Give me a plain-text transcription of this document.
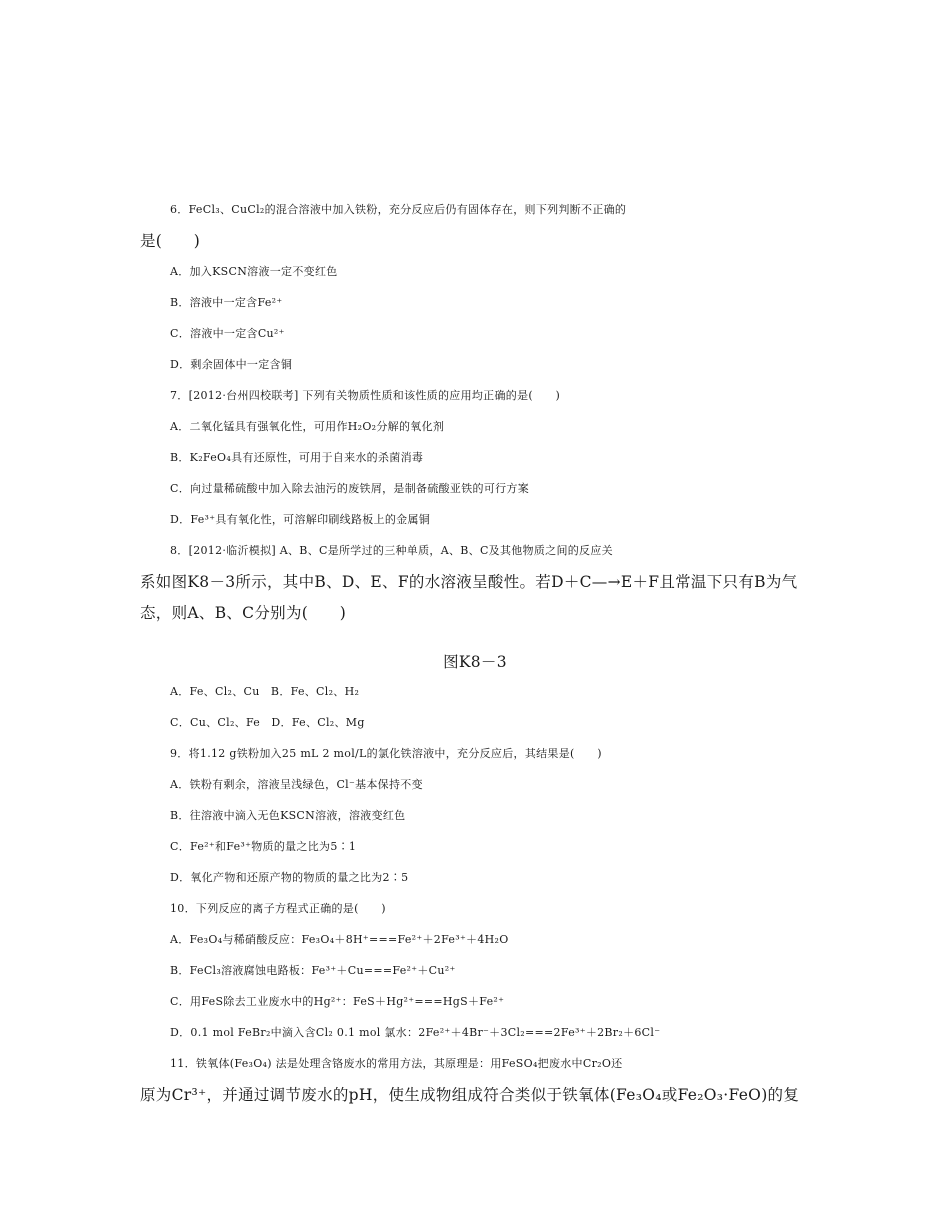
6．FeCl₃、CuCl₂的混合溶液中加入铁粉，充分反应后仍有固体存在，则下列判断不正确的
是(　　)
A．加入KSCN溶液一定不变红色
B．溶液中一定含Fe²⁺
C．溶液中一定含Cu²⁺
D．剩余固体中一定含铜
7．[2012·台州四校联考] 下列有关物质性质和该性质的应用均正确的是(　　)
A．二氧化锰具有强氧化性，可用作H₂O₂分解的氧化剂
B．K₂FeO₄具有还原性，可用于自来水的杀菌消毒
C．向过量稀硫酸中加入除去油污的废铁屑，是制备硫酸亚铁的可行方案
D．Fe³⁺具有氧化性，可溶解印刷线路板上的金属铜
8．[2012·临沂模拟] A、B、C是所学过的三种单质，A、B、C及其他物质之间的反应关
系如图K8－3所示，其中B、D、E、F的水溶液呈酸性。若D＋C—→E＋F且常温下只有B为气
态，则A、B、C分别为(　　)
图K8－3
A．Fe、Cl₂、Cu　B．Fe、Cl₂、H₂
C．Cu、Cl₂、Fe　D．Fe、Cl₂、Mg
9．将1.12 g铁粉加入25 mL 2 mol/L的氯化铁溶液中，充分反应后，其结果是(　　)
A．铁粉有剩余，溶液呈浅绿色，Cl⁻基本保持不变
B．往溶液中滴入无色KSCN溶液，溶液变红色
C．Fe²⁺和Fe³⁺物质的量之比为5∶1
D．氧化产物和还原产物的物质的量之比为2∶5
10．下列反应的离子方程式正确的是(　　)
A．Fe₃O₄与稀硝酸反应：Fe₃O₄＋8H⁺===Fe²⁺＋2Fe³⁺＋4H₂O
B．FeCl₃溶液腐蚀电路板：Fe³⁺＋Cu===Fe²⁺＋Cu²⁺
C．用FeS除去工业废水中的Hg²⁺：FeS＋Hg²⁺===HgS＋Fe²⁺
D．0.1 mol FeBr₂中滴入含Cl₂ 0.1 mol 氯水：2Fe²⁺＋4Br⁻＋3Cl₂===2Fe³⁺＋2Br₂＋6Cl⁻
11．铁氧体(Fe₃O₄) 法是处理含铬废水的常用方法，其原理是：用FeSO₄把废水中Cr₂O还
原为Cr³⁺，并通过调节废水的pH，使生成物组成符合类似于铁氧体(Fe₃O₄或Fe₂O₃·FeO)的复
